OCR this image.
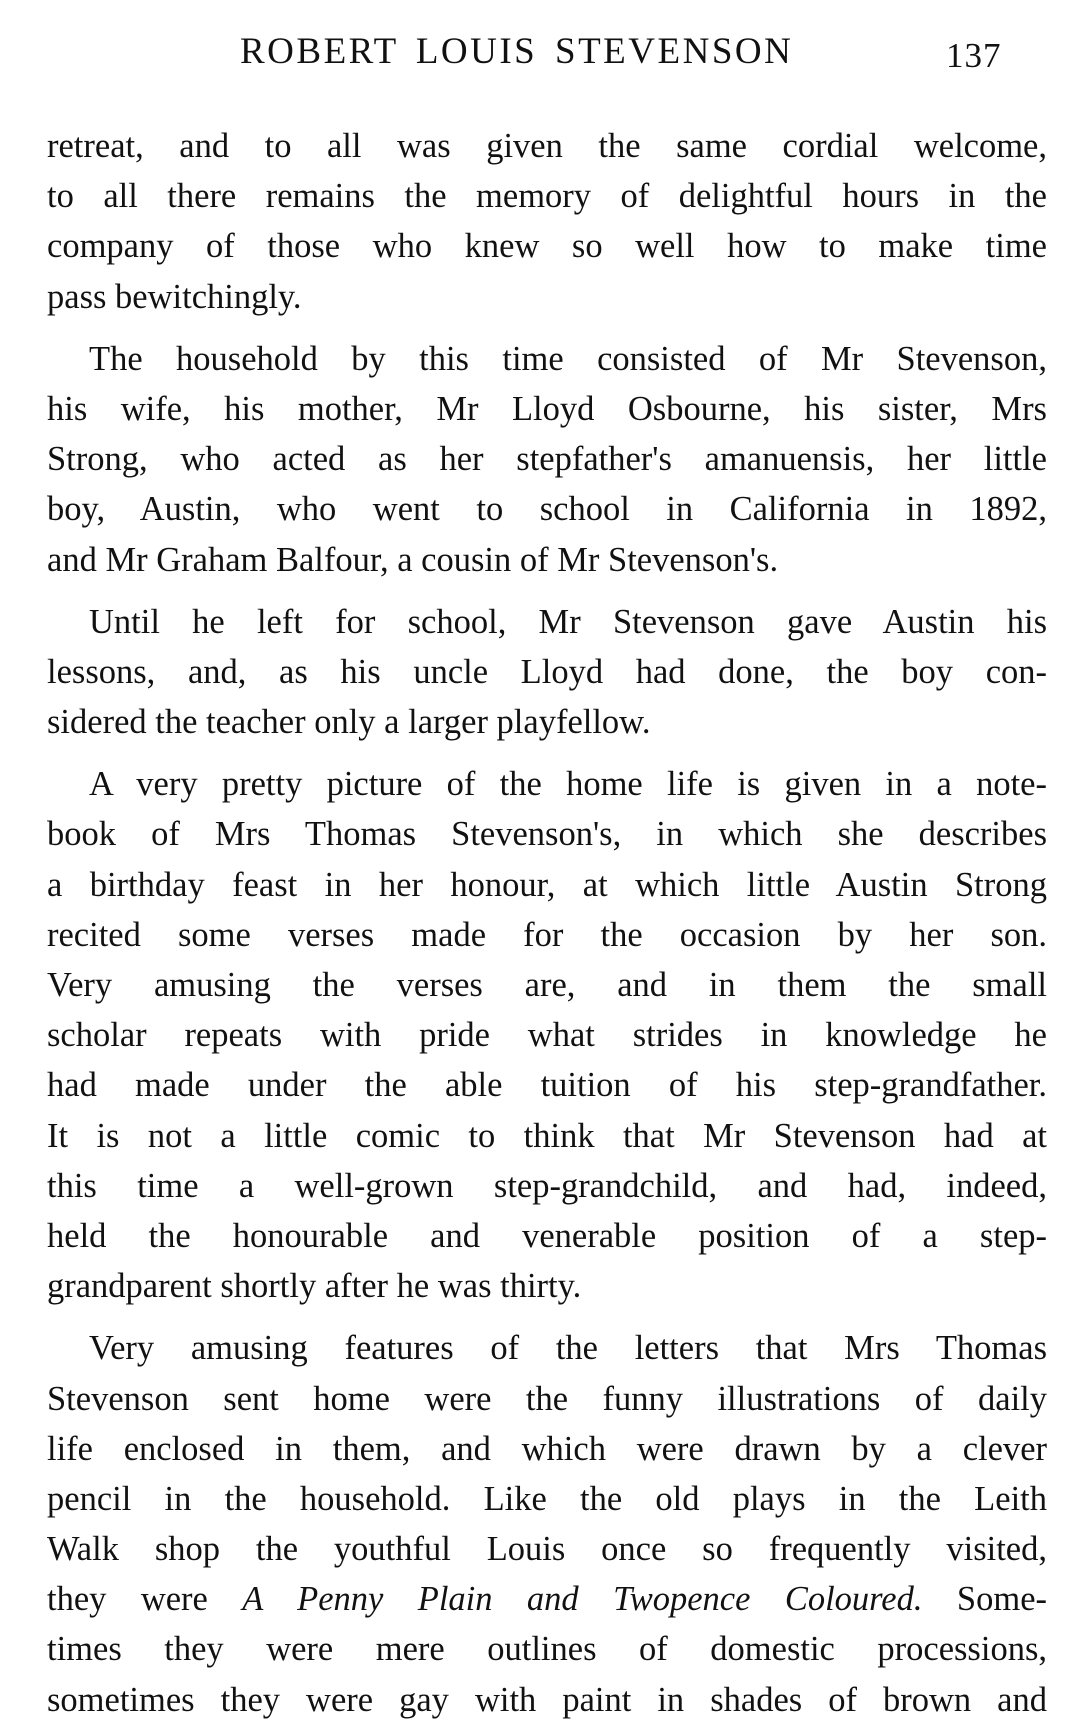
ROBERT LOUIS STEVENSON	137
retreat, and to all was given the same cordial welcome,
to all there remains the memory of delightful hours in the
company of those who knew so well how to make time
pass bewitchingly.
The household by this time consisted of Mr Stevenson,
his wife, his mother, Mr Lloyd Osbourne, his sister, Mrs
Strong, who acted as her stepfather's amanuensis, her little
boy, Austin, who went to school in California in 1892,
and Mr Graham Balfour, a cousin of Mr Stevenson's.
Until he left for school, Mr Stevenson gave Austin his
lessons, and, as his uncle Lloyd had done, the boy con-
sidered the teacher only a larger playfellow.
A very pretty picture of the home life is given in a note-
book of Mrs Thomas Stevenson's, in which she describes
a birthday feast in her honour, at which little Austin Strong
recited some verses made for the occasion by her son.
Very amusing the verses are, and in them the small
scholar repeats with pride what strides in knowledge he
had made under the able tuition of his step-grandfather.
It is not a little comic to think that Mr Stevenson had at
this time a well-grown step-grandchild, and had, indeed,
held the honourable and venerable position of a step-
grandparent shortly after he was thirty.
Very amusing features of the letters that Mrs Thomas
Stevenson sent home were the funny illustrations of daily
life enclosed in them, and which were drawn by a clever
pencil in the household. Like the old plays in the Leith
Walk shop the youthful Louis once so frequently visited,
they were A Penny Plain and Twopence Coloured. Some-
times they were mere outlines of domestic processions,
sometimes they were gay with paint in shades of brown and
